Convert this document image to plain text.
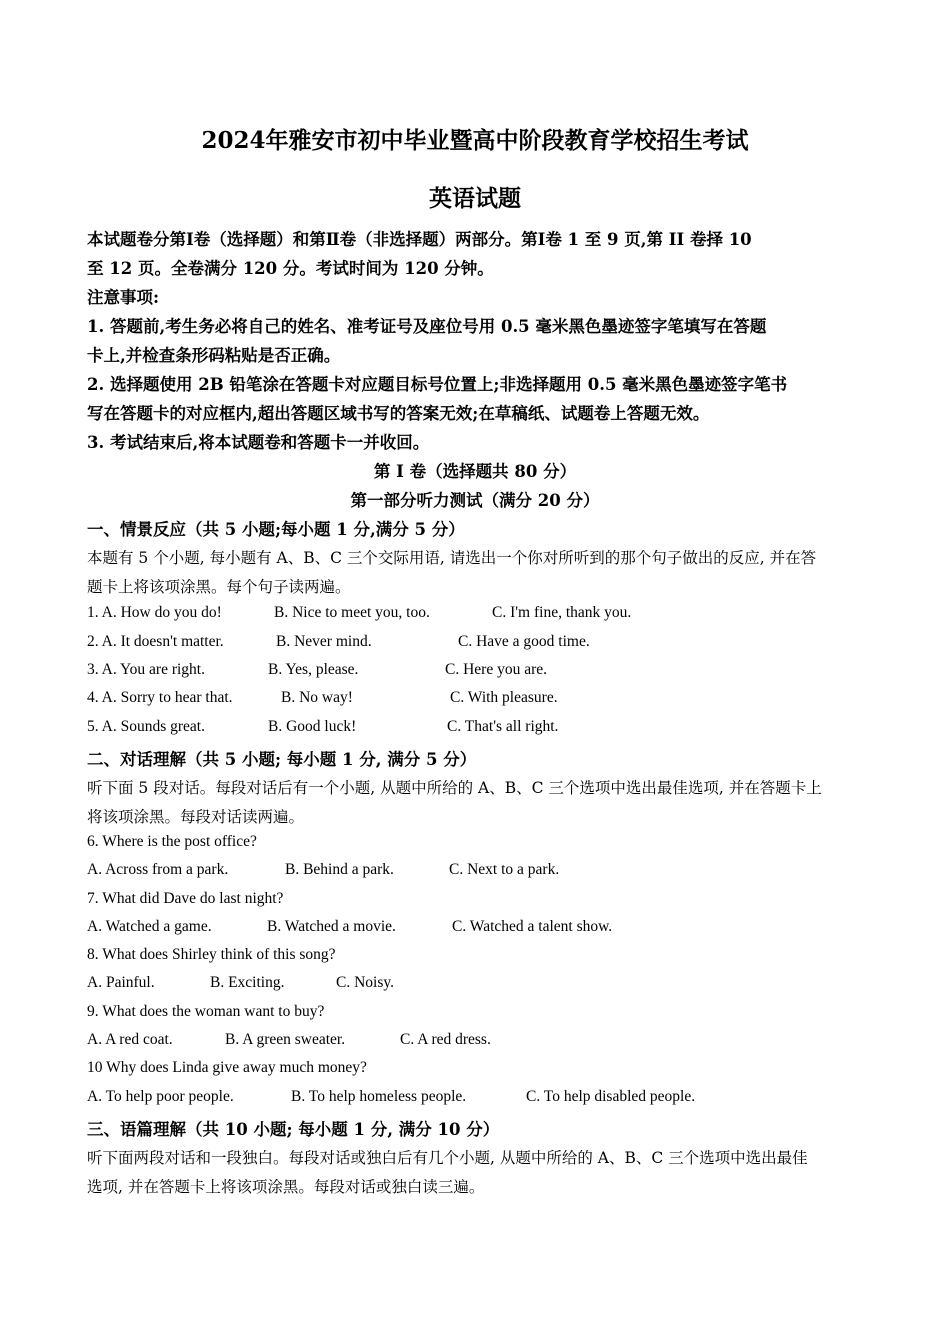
2024年雅安市初中毕业暨高中阶段教育学校招生考试
英语试题
本试题卷分第Ⅰ卷（选择题）和第Ⅱ卷（非选择题）两部分。第Ⅰ卷 1 至 9 页,第 II 卷择 10
至 12 页。全卷满分 120 分。考试时间为 120 分钟。
注意事项:
1. 答题前,考生务必将自己的姓名、准考证号及座位号用 0.5 毫米黑色墨迹签字笔填写在答题
卡上,并检查条形码粘贴是否正确。
2. 选择题使用 2B 铅笔涂在答题卡对应题目标号位置上;非选择题用 0.5 毫米黑色墨迹签字笔书
写在答题卡的对应框内,超出答题区域书写的答案无效;在草稿纸、试题卷上答题无效。
3. 考试结束后,将本试题卷和答题卡一并收回。
第 I 卷（选择题共 80 分）
第一部分听力测试（满分 20 分）
一、情景反应（共 5 小题;每小题 1 分,满分 5 分）
本题有 5 个小题, 每小题有 A、B、C 三个交际用语, 请选出一个你对所听到的那个句子做出的反应, 并在答
题卡上将该项涂黑。每个句子读两遍。
1. A. How do you do!	B. Nice to meet you, too.	C. I'm fine, thank you.
2. A. It doesn't matter.	B. Never mind.	C. Have a good time.
3. A. You are right.	B. Yes, please.	C. Here you are.
4. A. Sorry to hear that.	B. No way!	C. With pleasure.
5. A. Sounds great.	B. Good luck!	C. That's all right.
二、对话理解（共 5 小题; 每小题 1 分, 满分 5 分）
听下面 5 段对话。每段对话后有一个小题, 从题中所给的 A、B、C 三个选项中选出最佳选项, 并在答题卡上
将该项涂黑。每段对话读两遍。
6. Where is the post office?
A. Across from a park.	B. Behind a park.	C. Next to a park.
7. What did Dave do last night?
A. Watched a game.	B. Watched a movie.	C. Watched a talent show.
8. What does Shirley think of this song?
A. Painful.	B. Exciting.	C. Noisy.
9. What does the woman want to buy?
A. A red coat.	B. A green sweater.	C. A red dress.
10 Why does Linda give away much money?
A. To help poor people.	B. To help homeless people.	C. To help disabled people.
三、语篇理解（共 10 小题; 每小题 1 分, 满分 10 分）
听下面两段对话和一段独白。每段对话或独白后有几个小题, 从题中所给的 A、B、C 三个选项中选出最佳
选项, 并在答题卡上将该项涂黑。每段对话或独白读三遍。
